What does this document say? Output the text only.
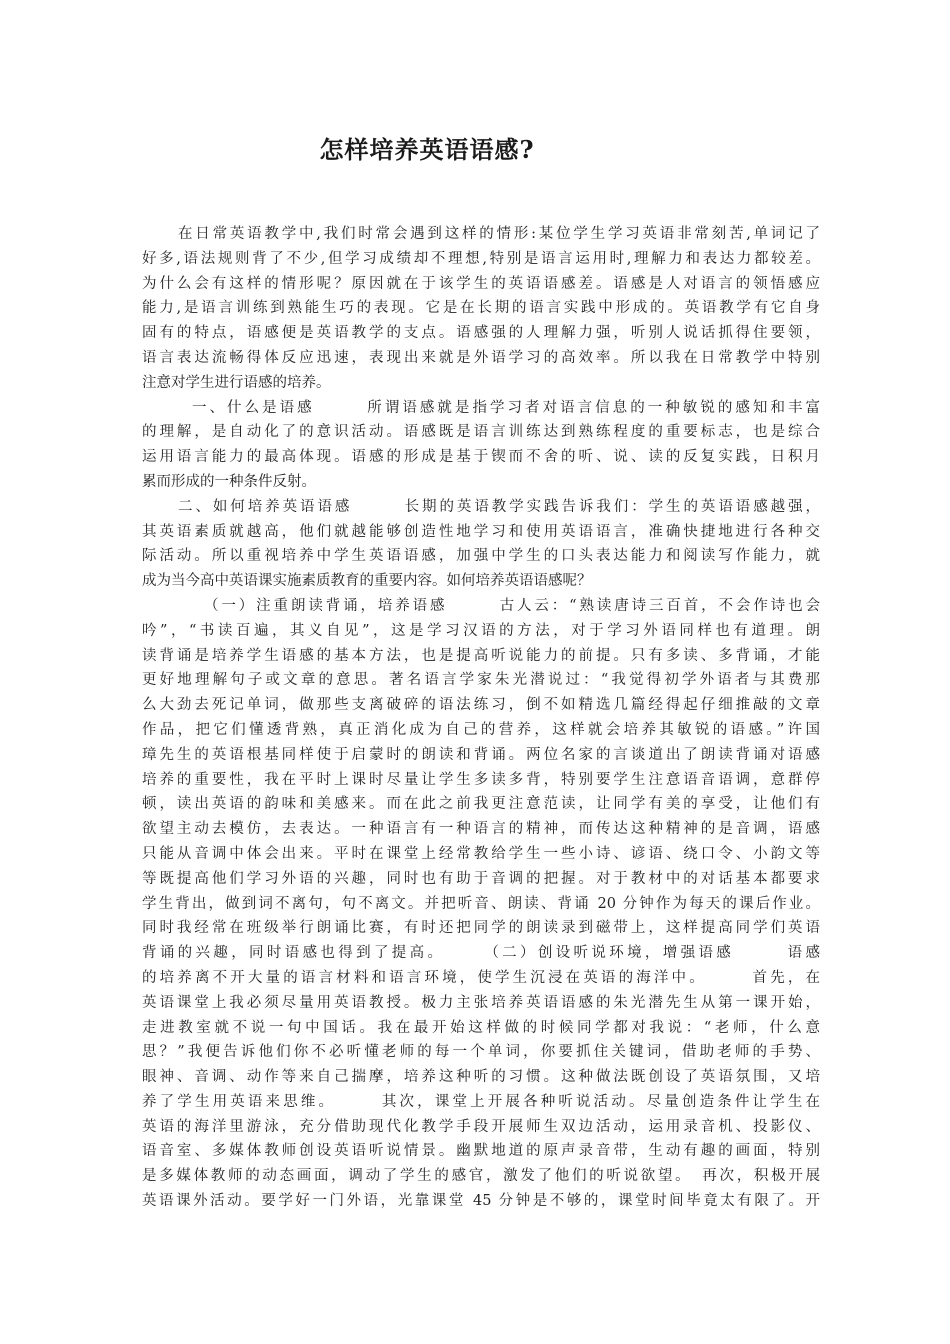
怎样培养英语语感?
在日常英语教学中,我们时常会遇到这样的情形:某位学生学习英语非常刻苦,单词记了
好多,语法规则背了不少,但学习成绩却不理想,特别是语言运用时,理解力和表达力都较差。
为什么会有这样的情形呢？原因就在于该学生的英语语感差。语感是人对语言的领悟感应
能力,是语言训练到熟能生巧的表现。它是在长期的语言实践中形成的。英语教学有它自身
固有的特点，语感便是英语教学的支点。语感强的人理解力强，听别人说话抓得住要领，
语言表达流畅得体反应迅速，表现出来就是外语学习的高效率。所以我在日常教学中特别
注意对学生进行语感的培养。
一、什么是语感　　　所谓语感就是指学习者对语言信息的一种敏锐的感知和丰富
的理解，是自动化了的意识活动。语感既是语言训练达到熟练程度的重要标志，也是综合
运用语言能力的最高体现。语感的形成是基于锲而不舍的听、说、读的反复实践，日积月
累而形成的一种条件反射。
二、如何培养英语语感　　　长期的英语教学实践告诉我们：学生的英语语感越强，
其英语素质就越高，他们就越能够创造性地学习和使用英语语言，准确快捷地进行各种交
际活动。所以重视培养中学生英语语感，加强中学生的口头表达能力和阅读写作能力，就
成为当今高中英语课实施素质教育的重要内容。如何培养英语语感呢？
（一）注重朗读背诵，培养语感　　　古人云：“熟读唐诗三百首，不会作诗也会
吟”，“书读百遍，其义自见”，这是学习汉语的方法，对于学习外语同样也有道理。朗
读背诵是培养学生语感的基本方法，也是提高听说能力的前提。只有多读、多背诵，才能
更好地理解句子或文章的意思。著名语言学家朱光潜说过：“我觉得初学外语者与其费那
么大劲去死记单词，做那些支离破碎的语法练习，倒不如精选几篇经得起仔细推敲的文章
作品，把它们懂透背熟，真正消化成为自己的营养，这样就会培养其敏锐的语感。”许国
璋先生的英语根基同样使于启蒙时的朗读和背诵。两位名家的言谈道出了朗读背诵对语感
培养的重要性，我在平时上课时尽量让学生多读多背，特别要学生注意语音语调，意群停
顿，读出英语的韵味和美感来。而在此之前我更注意范读，让同学有美的享受，让他们有
欲望主动去模仿，去表达。一种语言有一种语言的精神，而传达这种精神的是音调，语感
只能从音调中体会出来。平时在课堂上经常教给学生一些小诗、谚语、绕口令、小韵文等
等既提高他们学习外语的兴趣，同时也有助于音调的把握。对于教材中的对话基本都要求
学生背出，做到词不离句，句不离文。并把听音、朗读、背诵 20 分钟作为每天的课后作业。
同时我经常在班级举行朗诵比赛，有时还把同学的朗读录到磁带上，这样提高同学们英语
背诵的兴趣，同时语感也得到了提高。　　　（二）创设听说环境，增强语感　　　语感
的培养离不开大量的语言材料和语言环境，使学生沉浸在英语的海洋中。　　　首先，在
英语课堂上我必须尽量用英语教授。极力主张培养英语语感的朱光潜先生从第一课开始，
走进教室就不说一句中国话。我在最开始这样做的时候同学都对我说：“老师，什么意
思？”我便告诉他们你不必听懂老师的每一个单词，你要抓住关键词，借助老师的手势、
眼神、音调、动作等来自己揣摩，培养这种听的习惯。这种做法既创设了英语氛围，又培
养了学生用英语来思维。　　　其次，课堂上开展各种听说活动。尽量创造条件让学生在
英语的海洋里游泳，充分借助现代化教学手段开展师生双边活动，运用录音机、投影仪、
语音室、多媒体教师创设英语听说情景。幽默地道的原声录音带，生动有趣的画面，特别
是多媒体教师的动态画面，调动了学生的感官，激发了他们的听说欲望。　再次，积极开展
英语课外活动。要学好一门外语，光靠课堂 45 分钟是不够的，课堂时间毕竟太有限了。开
